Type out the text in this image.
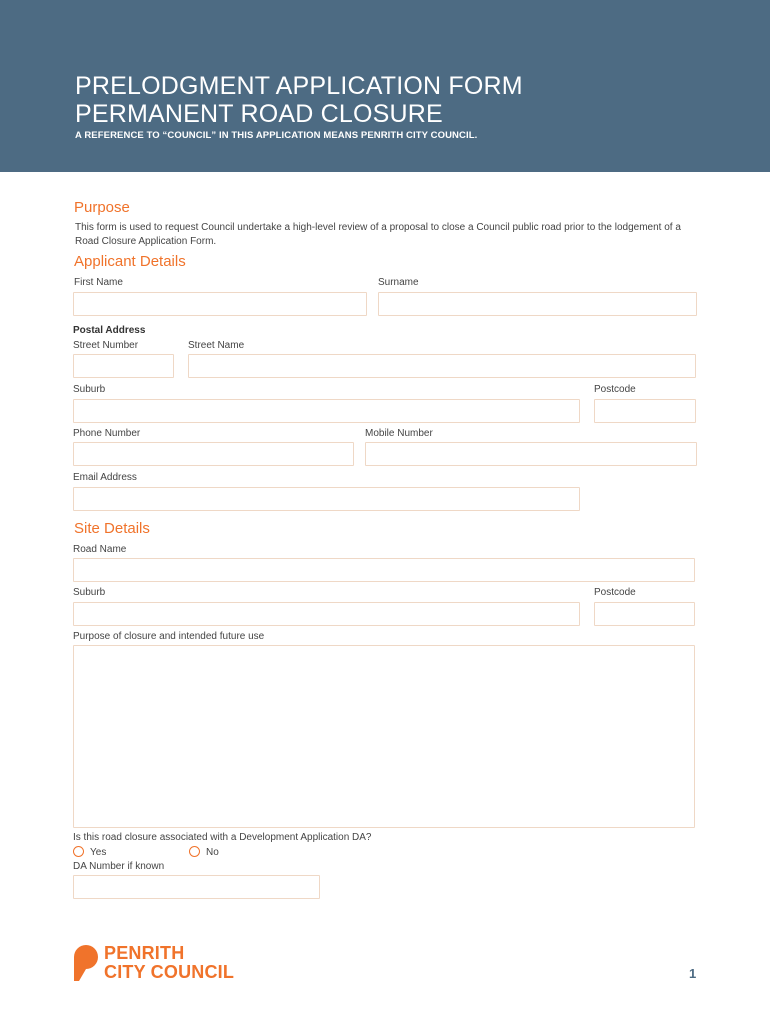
PRELODGMENT APPLICATION FORM
PERMANENT ROAD CLOSURE
A REFERENCE TO “COUNCIL” IN THIS APPLICATION MEANS PENRITH CITY COUNCIL.
Purpose
This form is used to request Council undertake a high-level review of a proposal to close a Council public road prior to the lodgement of a Road Closure Application Form.
Applicant Details
First Name	Surname
Postal Address
Street Number	Street Name
Suburb	Postcode
Phone Number	Mobile Number
Email Address
Site Details
Road Name
Suburb	Postcode
Purpose of closure and intended future use
Is this road closure associated with a Development Application DA?
Yes	No
DA Number if known
PENRITH
CITY COUNCIL	1
